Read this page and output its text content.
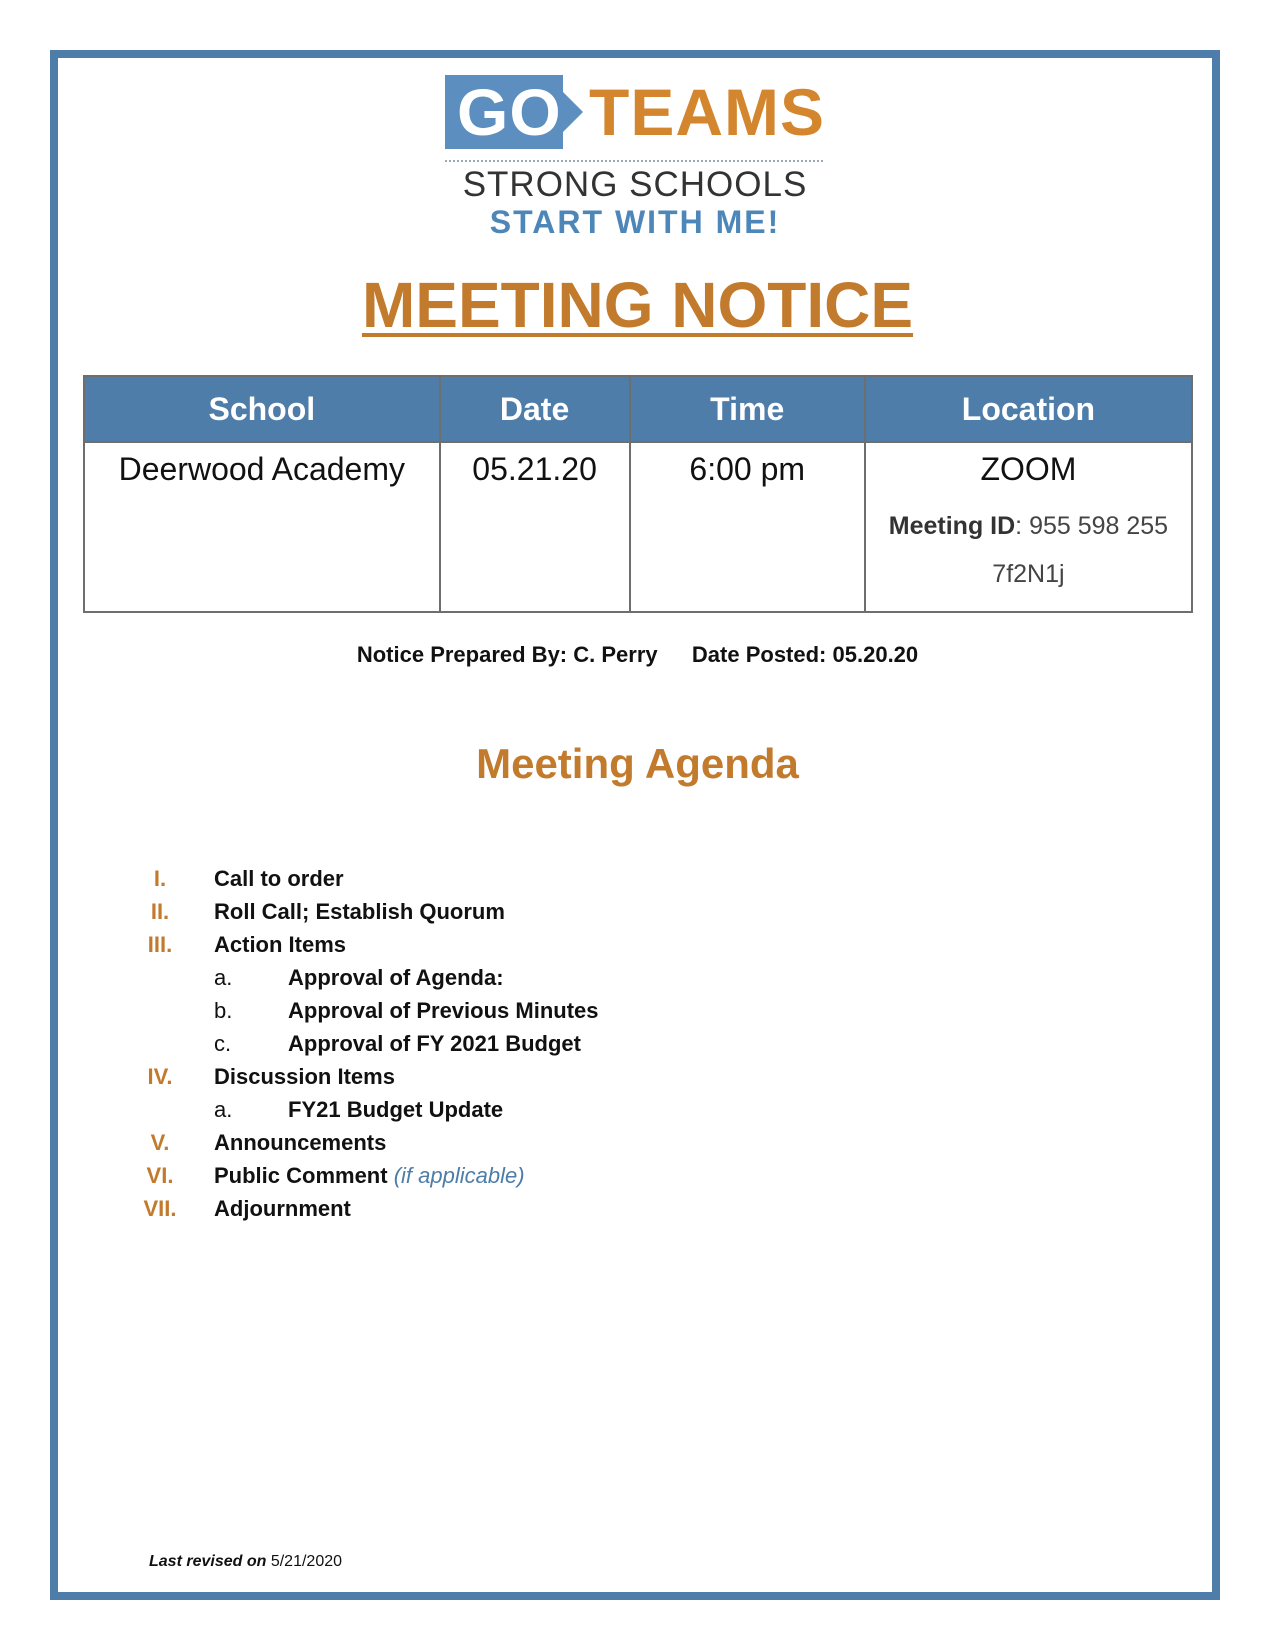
GO TEAMS
STRONG SCHOOLS
START WITH ME!
MEETING NOTICE
School	Date	Time	Location
Deerwood Academy	05.21.20	6:00 pm	ZOOM
Meeting ID: 955 598 255
7f2N1j
Notice Prepared By: C. Perry Date Posted: 05.20.20
Meeting Agenda
I.	Call to order
II.	Roll Call; Establish Quorum
III.	Action Items
a.	Approval of Agenda:
b.	Approval of Previous Minutes
c.	Approval of FY 2021 Budget
IV.	Discussion Items
a.	FY21 Budget Update
V.	Announcements
VI.	Public Comment (if applicable)
VII.	Adjournment
Last revised on 5/21/2020
